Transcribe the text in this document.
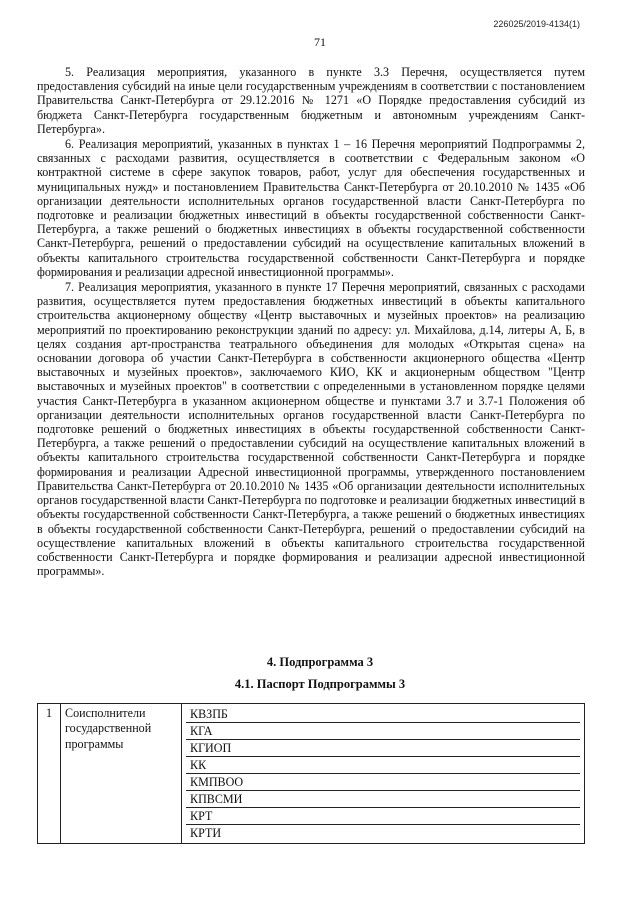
226025/2019-4134(1)
71

5. Реализация мероприятия, указанного в пункте 3.3 Перечня, осуществляется путем предоставления субсидий на иные цели государственным учреждениям в соответствии с постановлением Правительства Санкт-Петербурга от 29.12.2016 № 1271 «О Порядке предоставления субсидий из бюджета Санкт-Петербурга государственным бюджетным и автономным учреждениям Санкт-Петербурга».

6. Реализация мероприятий, указанных в пунктах 1 – 16 Перечня мероприятий Подпрограммы 2, связанных с расходами развития, осуществляется в соответствии с Федеральным законом «О контрактной системе в сфере закупок товаров, работ, услуг для обеспечения государственных и муниципальных нужд» и постановлением Правительства Санкт-Петербурга от 20.10.2010 № 1435 «Об организации деятельности исполнительных органов государственной власти Санкт-Петербурга по подготовке и реализации бюджетных инвестиций в объекты государственной собственности Санкт-Петербурга, а также решений о бюджетных инвестициях в объекты государственной собственности Санкт-Петербурга, решений о предоставлении субсидий на осуществление капитальных вложений в объекты капитального строительства государственной собственности Санкт-Петербурга и порядке формирования и реализации адресной инвестиционной программы».

7. Реализация мероприятия, указанного в пункте 17 Перечня мероприятий, связанных с расходами развития, осуществляется путем предоставления бюджетных инвестиций в объекты капитального строительства акционерному обществу «Центр выставочных и музейных проектов» на реализацию мероприятий по проектированию реконструкции зданий по адресу: ул. Михайлова, д.14, литеры А, Б, в целях создания арт-пространства театрального объединения для молодых «Открытая сцена» на основании договора об участии Санкт-Петербурга в собственности акционерного общества «Центр выставочных и музейных проектов», заключаемого КИО, КК и акционерным обществом "Центр выставочных и музейных проектов" в соответствии с определенными в установленном порядке целями участия Санкт-Петербурга в указанном акционерном обществе и пунктами 3.7 и 3.7-1 Положения об организации деятельности исполнительных органов государственной власти Санкт-Петербурга по подготовке решений о бюджетных инвестициях в объекты государственной собственности Санкт-Петербурга, а также решений о предоставлении субсидий на осуществление капитальных вложений в объекты капитального строительства государственной собственности Санкт-Петербурга и порядке формирования и реализации Адресной инвестиционной программы, утвержденного постановлением Правительства Санкт-Петербурга от 20.10.2010 № 1435 «Об организации деятельности исполнительных органов государственной власти Санкт-Петербурга по подготовке и реализации бюджетных инвестиций в объекты государственной собственности Санкт-Петербурга, а также решений о бюджетных инвестициях в объекты государственной собственности Санкт-Петербурга, решений о предоставлении субсидий на осуществление капитальных вложений в объекты капитального строительства государственной собственности Санкт-Петербурга и порядке формирования и реализации адресной инвестиционной программы».

4. Подпрограмма 3
4.1. Паспорт Подпрограммы 3
1	Соисполнители государственной программы	
КВЗПБ
КГА
КГИОП
КК
КМПВОО
КПВСМИ
КРТ
КРТИ
